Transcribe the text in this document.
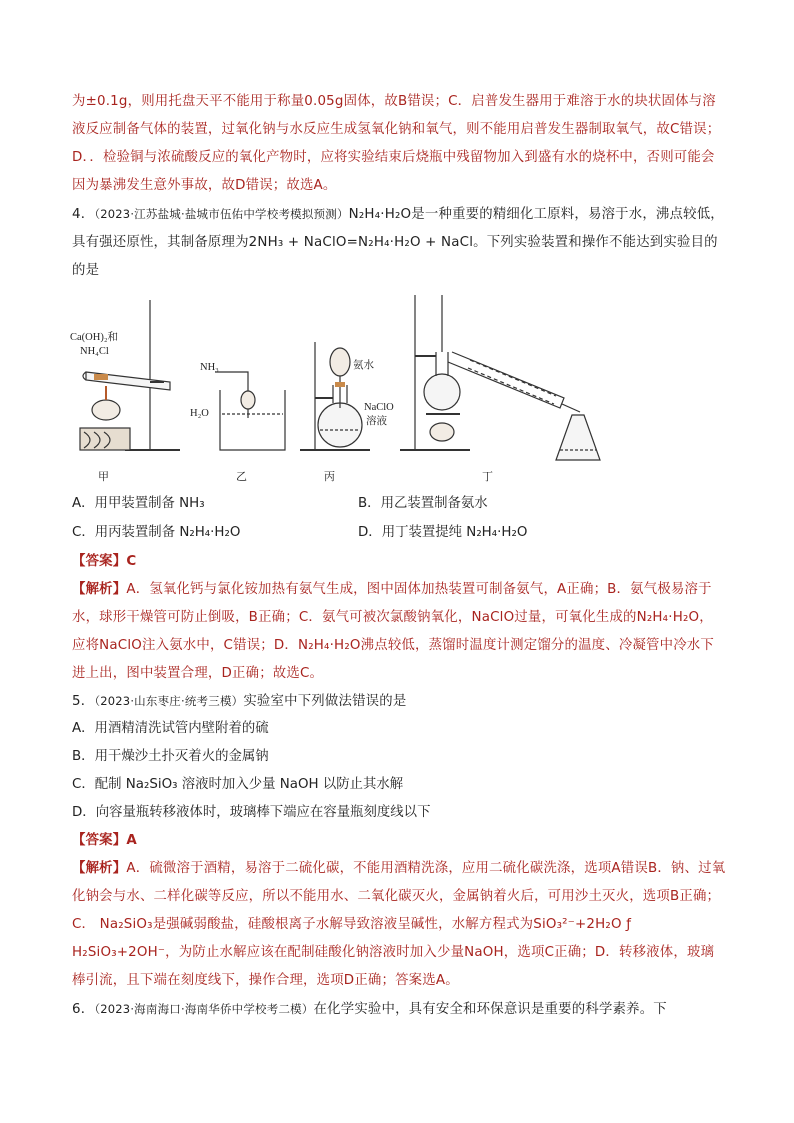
为±0.1g，则用托盘天平不能用于称量0.05g固体，故B错误；C．启普发生器用于难溶于水的块状固体与溶液反应制备气体的装置，过氧化钠与水反应生成氢氧化钠和氧气，则不能用启普发生器制取氧气，故C错误；D．．检验铜与浓硫酸反应的氧化产物时，应将实验结束后烧瓶中残留物加入到盛有水的烧杯中，否则可能会因为暴沸发生意外事故，故D错误；故选A。
4．（2023·江苏盐城·盐城市伍佑中学校考模拟预测）N₂H₄·H₂O是一种重要的精细化工原料，易溶于水，沸点较低，具有强还原性，其制备原理为2NH₃ + NaClO=N₂H₄·H₂O + NaCl。下列实验装置和操作不能达到实验目的的是
Ca(OH)₂和
NH₄Cl
NH₃
H₂O
氨水
NaClO
溶液
甲	乙	丙	丁
A．用甲装置制备 NH₃	B．用乙装置制备氨水
C．用丙装置制备 N₂H₄·H₂O	D．用丁装置提纯 N₂H₄·H₂O
【答案】C
【解析】A．氢氧化钙与氯化铵加热有氨气生成，图中固体加热装置可制备氨气，A正确；B．氨气极易溶于水，球形干燥管可防止倒吸，B正确；C．氨气可被次氯酸钠氧化，NaClO过量，可氧化生成的N₂H₄·H₂O，应将NaClO注入氨水中，C错误；D．N₂H₄·H₂O沸点较低，蒸馏时温度计测定馏分的温度、冷凝管中冷水下进上出，图中装置合理，D正确；故选C。
5．（2023·山东枣庄·统考三模）实验室中下列做法错误的是
A．用酒精清洗试管内壁附着的硫
B．用干燥沙土扑灭着火的金属钠
C．配制 Na₂SiO₃ 溶液时加入少量 NaOH 以防止其水解
D．向容量瓶转移液体时，玻璃棒下端应在容量瓶刻度线以下
【答案】A
【解析】A．硫微溶于酒精，易溶于二硫化碳，不能用酒精洗涤，应用二硫化碳洗涤，选项A错误B．钠、过氧化钠会与水、二样化碳等反应，所以不能用水、二氧化碳灭火，金属钠着火后，可用沙土灭火，选项B正确；C． Na₂SiO₃是强碱弱酸盐，硅酸根离子水解导致溶液呈碱性，水解方程式为SiO₃²⁻+2H₂O ƒ H₂SiO₃+2OH⁻，为防止水解应该在配制硅酸化钠溶液时加入少量NaOH，选项C正确；D．转移液体，玻璃棒引流，且下端在刻度线下，操作合理，选项D正确；答案选A。
6．（2023·海南海口·海南华侨中学校考二模）在化学实验中，具有安全和环保意识是重要的科学素养。下
